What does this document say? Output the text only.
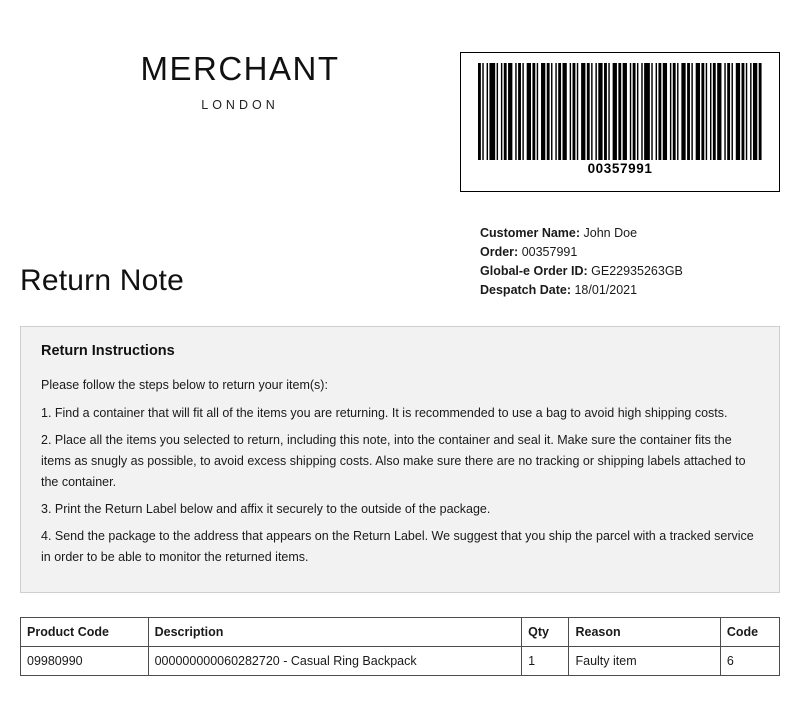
MERCHANT
LONDON
00357991
Return Note
Customer Name: John Doe
Order: 00357991
Global-e Order ID: GE22935263GB
Despatch Date: 18/01/2021
Return Instructions

Please follow the steps below to return your item(s):

1. Find a container that will fit all of the items you are returning. It is recommended to use a bag to avoid high shipping costs.

2. Place all the items you selected to return, including this note, into the container and seal it. Make sure the container fits the items as snugly as possible, to avoid excess shipping costs. Also make sure there are no tracking or shipping labels attached to the container.

3. Print the Return Label below and affix it securely to the outside of the package.

4. Send the package to the address that appears on the Return Label. We suggest that you ship the parcel with a tracked service in order to be able to monitor the returned items.

Product Code	Description	Qty	Reason	Code
09980990	000000000060282720 - Casual Ring Backpack	1	Faulty item	6
